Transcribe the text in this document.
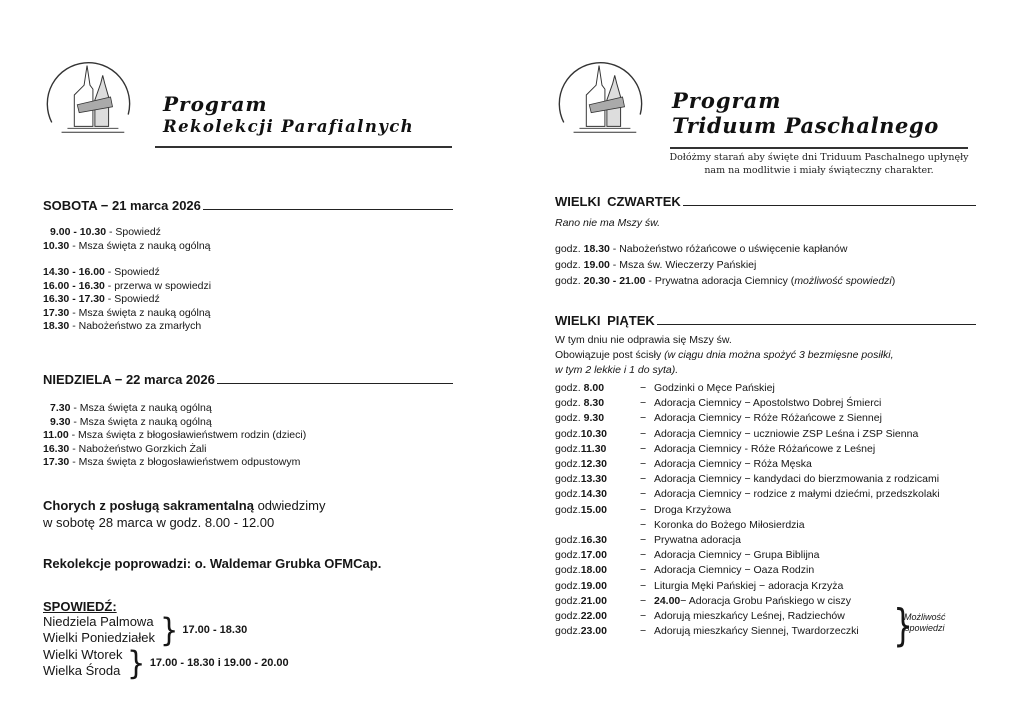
Program
Rekolekcji Parafialnych
SOBOTA − 21 marca 2026
9.00 - 10.30 - Spowiedź
10.30 - Msza święta z nauką ogólną
14.30 - 16.00 - Spowiedź
16.00 - 16.30 - przerwa w spowiedzi
16.30 - 17.30 - Spowiedź
17.30 - Msza święta z nauką ogólną
18.30 - Nabożeństwo za zmarłych
NIEDZIELA − 22 marca 2026
7.30 - Msza święta z nauką ogólną
9.30 - Msza święta z nauką ogólną
11.00 - Msza święta z błogosławieństwem rodzin (dzieci)
16.30 - Nabożeństwo Gorzkich Żali
17.30 - Msza święta z błogosławieństwem odpustowym
Chorych z posługą sakramentalną odwiedzimy
w sobotę 28 marca w godz. 8.00 - 12.00
Rekolekcje poprowadzi: o. Waldemar Grubka OFMCap.
SPOWIEDŹ:
Niedziela Palmowa
Wielki Poniedziałek } 17.00 - 18.30
Wielki Wtorek
Wielka Środa } 17.00 - 18.30 i 19.00 - 20.00
Program
Triduum Paschalnego
Dołóżmy starań aby święte dni Triduum Paschalnego upłynęły
nam na modlitwie i miały świąteczny charakter.
WIELKI CZWARTEK
Rano nie ma Mszy św.
godz. 18.30 - Nabożeństwo różańcowe o uświęcenie kapłanów
godz. 19.00 - Msza św. Wieczerzy Pańskiej
godz. 20.30 - 21.00 - Prywatna adoracja Ciemnicy (możliwość spowiedzi)
WIELKI PIĄTEK
W tym dniu nie odprawia się Mszy św.
Obowiązuje post ścisły (w ciągu dnia można spożyć 3 bezmięsne posiłki,
w tym 2 lekkie i 1 do syta).
godz. 8.00	− Godzinki o Męce Pańskiej
godz. 8.30	− Adoracja Ciemnicy − Apostolstwo Dobrej Śmierci
godz. 9.30	− Adoracja Ciemnicy − Róże Różańcowe z Siennej
godz.10.30	− Adoracja Ciemnicy − uczniowie ZSP Leśna i ZSP Sienna
godz.11.30	− Adoracja Ciemnicy - Róże Różańcowe z Leśnej
godz.12.30	− Adoracja Ciemnicy − Róża Męska
godz.13.30	− Adoracja Ciemnicy − kandydaci do bierzmowania z rodzicami
godz.14.30	− Adoracja Ciemnicy − rodzice z małymi dziećmi, przedszkolaki
godz.15.00	− Droga Krzyżowa
− Koronka do Bożego Miłosierdzia
godz.16.30	− Prywatna adoracja
godz.17.00	− Adoracja Ciemnicy − Grupa Biblijna
godz.18.00	− Adoracja Ciemnicy − Oaza Rodzin
godz.19.00	− Liturgia Męki Pańskiej − adoracja Krzyża
godz.21.00	− 24.00 − Adoracja Grobu Pańskiego w ciszy
godz.22.00	− Adorują mieszkańcy Leśnej, Radziechów
godz.23.00	− Adorują mieszkańcy Siennej, Twardorzeczki }
Możliwość
spowiedzi
